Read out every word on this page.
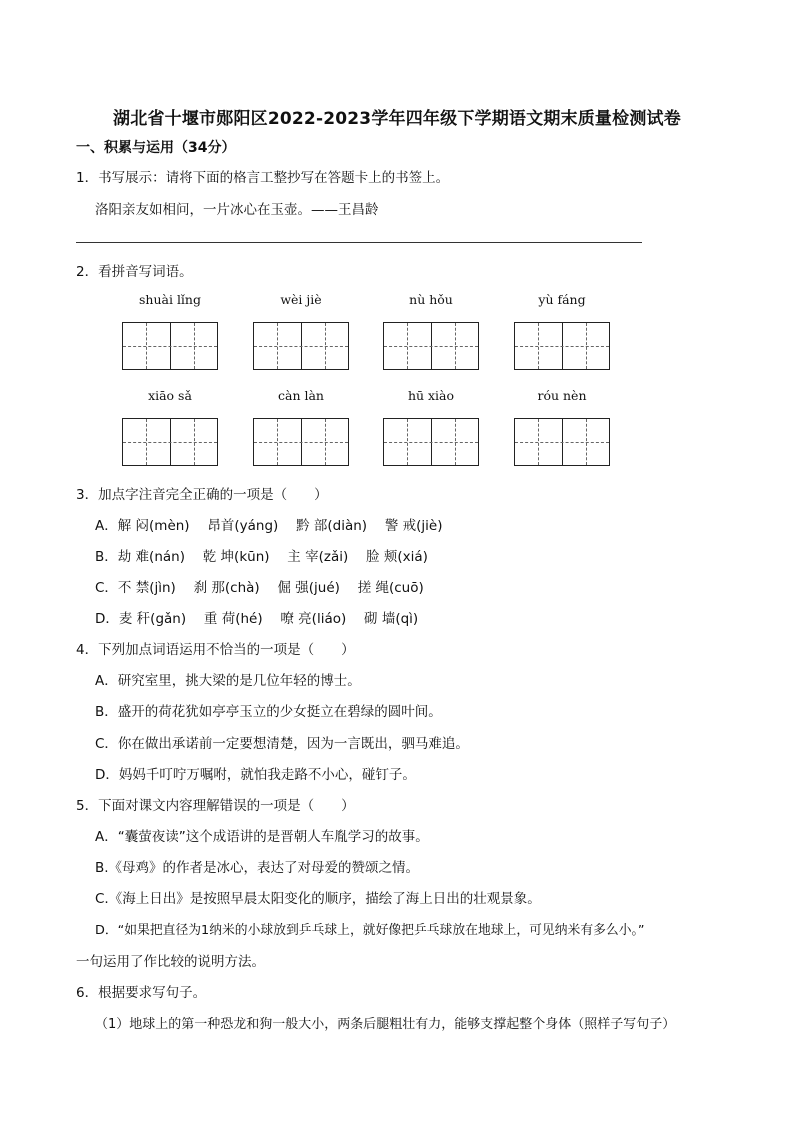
湖北省十堰市郧阳区2022-2023学年四年级下学期语文期末质量检测试卷
一、积累与运用（34分）
1．书写展示：请将下面的格言工整抄写在答题卡上的书签上。
洛阳亲友如相问，一片冰心在玉壶。——王昌龄
2．看拼音写词语。
shuài lǐng	wèi jiè	nù hǒu	yù fáng
xiāo sǎ	càn làn	hū xiào	róu nèn
3．加点字注音完全正确的一项是（　　）
A．解 闷(mèn)　 昂首(yáng)　 黔 部(diàn)　 警 戒(jiè)
B．劫 难(nán)　 乾 坤(kūn)　 主 宰(zǎi)　 脸 颊(xiá)
C．不 禁(jìn)　 刹 那(chà)　 倔 强(jué)　 搓 绳(cuō)
D．麦 秆(gǎn)　 重 荷(hé)　 嘹 亮(liáo)　 砌 墙(qì)
4．下列加点词语运用不恰当的一项是（　　）
A．研究室里，挑大梁的是几位年轻的博士。
B．盛开的荷花犹如亭亭玉立的少女挺立在碧绿的圆叶间。
C．你在做出承诺前一定要想清楚，因为一言既出，驷马难追。
D．妈妈千叮咛万嘱咐，就怕我走路不小心，碰钉子。
5．下面对课文内容理解错误的一项是（　　）
A．“囊萤夜读”这个成语讲的是晋朝人车胤学习的故事。
B.《母鸡》的作者是冰心，表达了对母爱的赞颂之情。
C.《海上日出》是按照早晨太阳变化的顺序，描绘了海上日出的壮观景象。
D．“如果把直径为1纳米的小球放到乒乓球上，就好像把乒乓球放在地球上，可见纳米有多么小。”
一句运用了作比较的说明方法。
6．根据要求写句子。
（1）地球上的第一种恐龙和狗一般大小，两条后腿粗壮有力，能够支撑起整个身体（照样子写句子）
